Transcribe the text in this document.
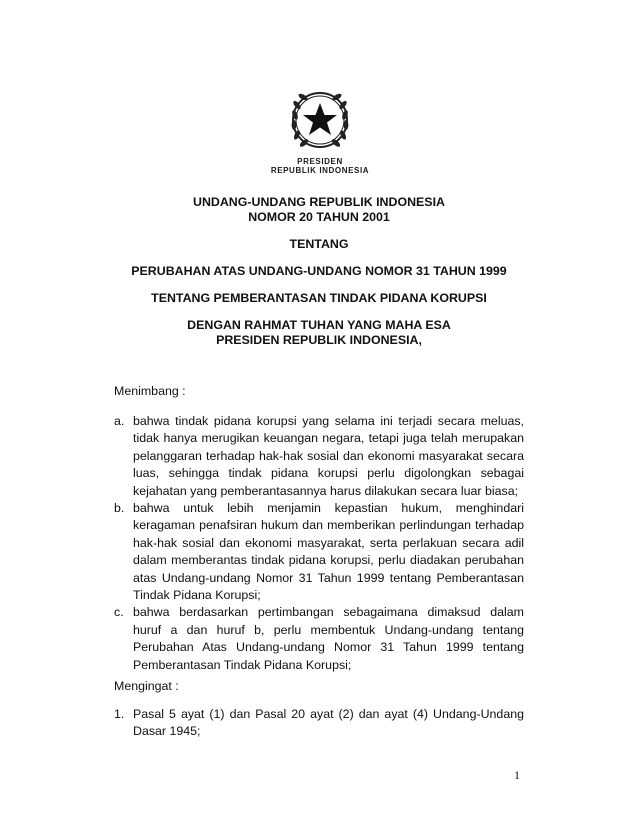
PRESIDEN
REPUBLIK INDONESIA
UNDANG-UNDANG REPUBLIK INDONESIA
NOMOR 20 TAHUN 2001
TENTANG
PERUBAHAN ATAS UNDANG-UNDANG NOMOR 31 TAHUN 1999
TENTANG PEMBERANTASAN TINDAK PIDANA KORUPSI
DENGAN RAHMAT TUHAN YANG MAHA ESA
PRESIDEN REPUBLIK INDONESIA,
Menimbang :
a. bahwa tindak pidana korupsi yang selama ini terjadi secara meluas, tidak hanya merugikan keuangan negara, tetapi juga telah merupakan pelanggaran terhadap hak-hak sosial dan ekonomi masyarakat secara luas, sehingga tindak pidana korupsi perlu digolongkan sebagai kejahatan yang pemberantasannya harus dilakukan secara luar biasa;
b. bahwa untuk lebih menjamin kepastian hukum, menghindari keragaman penafsiran hukum dan memberikan perlindungan terhadap hak-hak sosial dan ekonomi masyarakat, serta perlakuan secara adil dalam memberantas tindak pidana korupsi, perlu diadakan perubahan atas Undang-undang Nomor 31 Tahun 1999 tentang Pemberantasan Tindak Pidana Korupsi;
c. bahwa berdasarkan pertimbangan sebagaimana dimaksud dalam huruf a dan huruf b, perlu membentuk Undang-undang tentang Perubahan Atas Undang-undang Nomor 31 Tahun 1999 tentang Pemberantasan Tindak Pidana Korupsi;
Mengingat :
1. Pasal 5 ayat (1) dan Pasal 20 ayat (2) dan ayat (4) Undang-Undang Dasar 1945;
1
